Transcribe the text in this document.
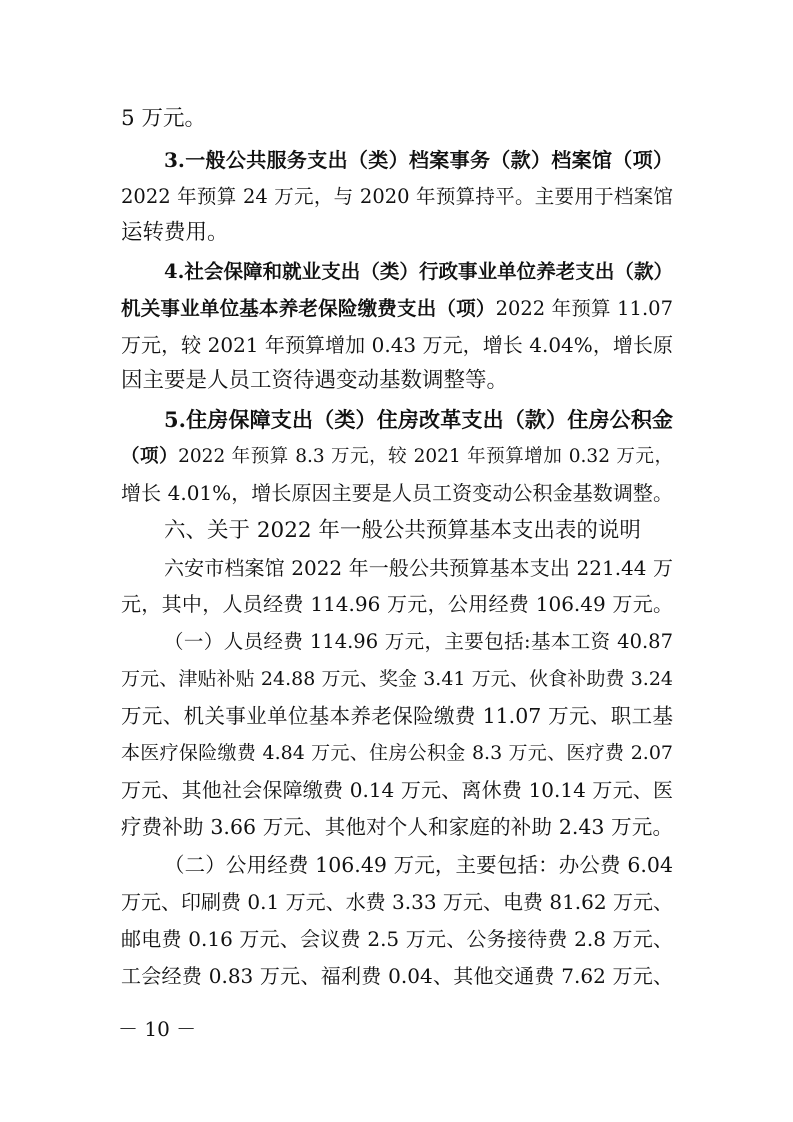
5 万元。
3.一般公共服务支出（类）档案事务（款）档案馆（项）
2022 年预算 24 万元，与 2020 年预算持平。主要用于档案馆
运转费用。
4.社会保障和就业支出（类）行政事业单位养老支出（款）
机关事业单位基本养老保险缴费支出（项）2022 年预算 11.07
万元，较 2021 年预算增加 0.43 万元，增长 4.04%，增长原
因主要是人员工资待遇变动基数调整等。
5.住房保障支出（类）住房改革支出（款）住房公积金
（项）2022 年预算 8.3 万元，较 2021 年预算增加 0.32 万元，
增长 4.01%，增长原因主要是人员工资变动公积金基数调整。
六、关于 2022 年一般公共预算基本支出表的说明
六安市档案馆 2022 年一般公共预算基本支出 221.44 万
元，其中，人员经费 114.96 万元，公用经费 106.49 万元。
（一）人员经费 114.96 万元，主要包括:基本工资 40.87
万元、津贴补贴 24.88 万元、奖金 3.41 万元、伙食补助费 3.24
万元、机关事业单位基本养老保险缴费 11.07 万元、职工基
本医疗保险缴费 4.84 万元、住房公积金 8.3 万元、医疗费 2.07
万元、其他社会保障缴费 0.14 万元、离休费 10.14 万元、医
疗费补助 3.66 万元、其他对个人和家庭的补助 2.43 万元。
（二）公用经费 106.49 万元，主要包括：办公费 6.04
万元、印刷费 0.1 万元、水费 3.33 万元、电费 81.62 万元、
邮电费 0.16 万元、会议费 2.5 万元、公务接待费 2.8 万元、
工会经费 0.83 万元、福利费 0.04、其他交通费 7.62 万元、
－ 10 －
